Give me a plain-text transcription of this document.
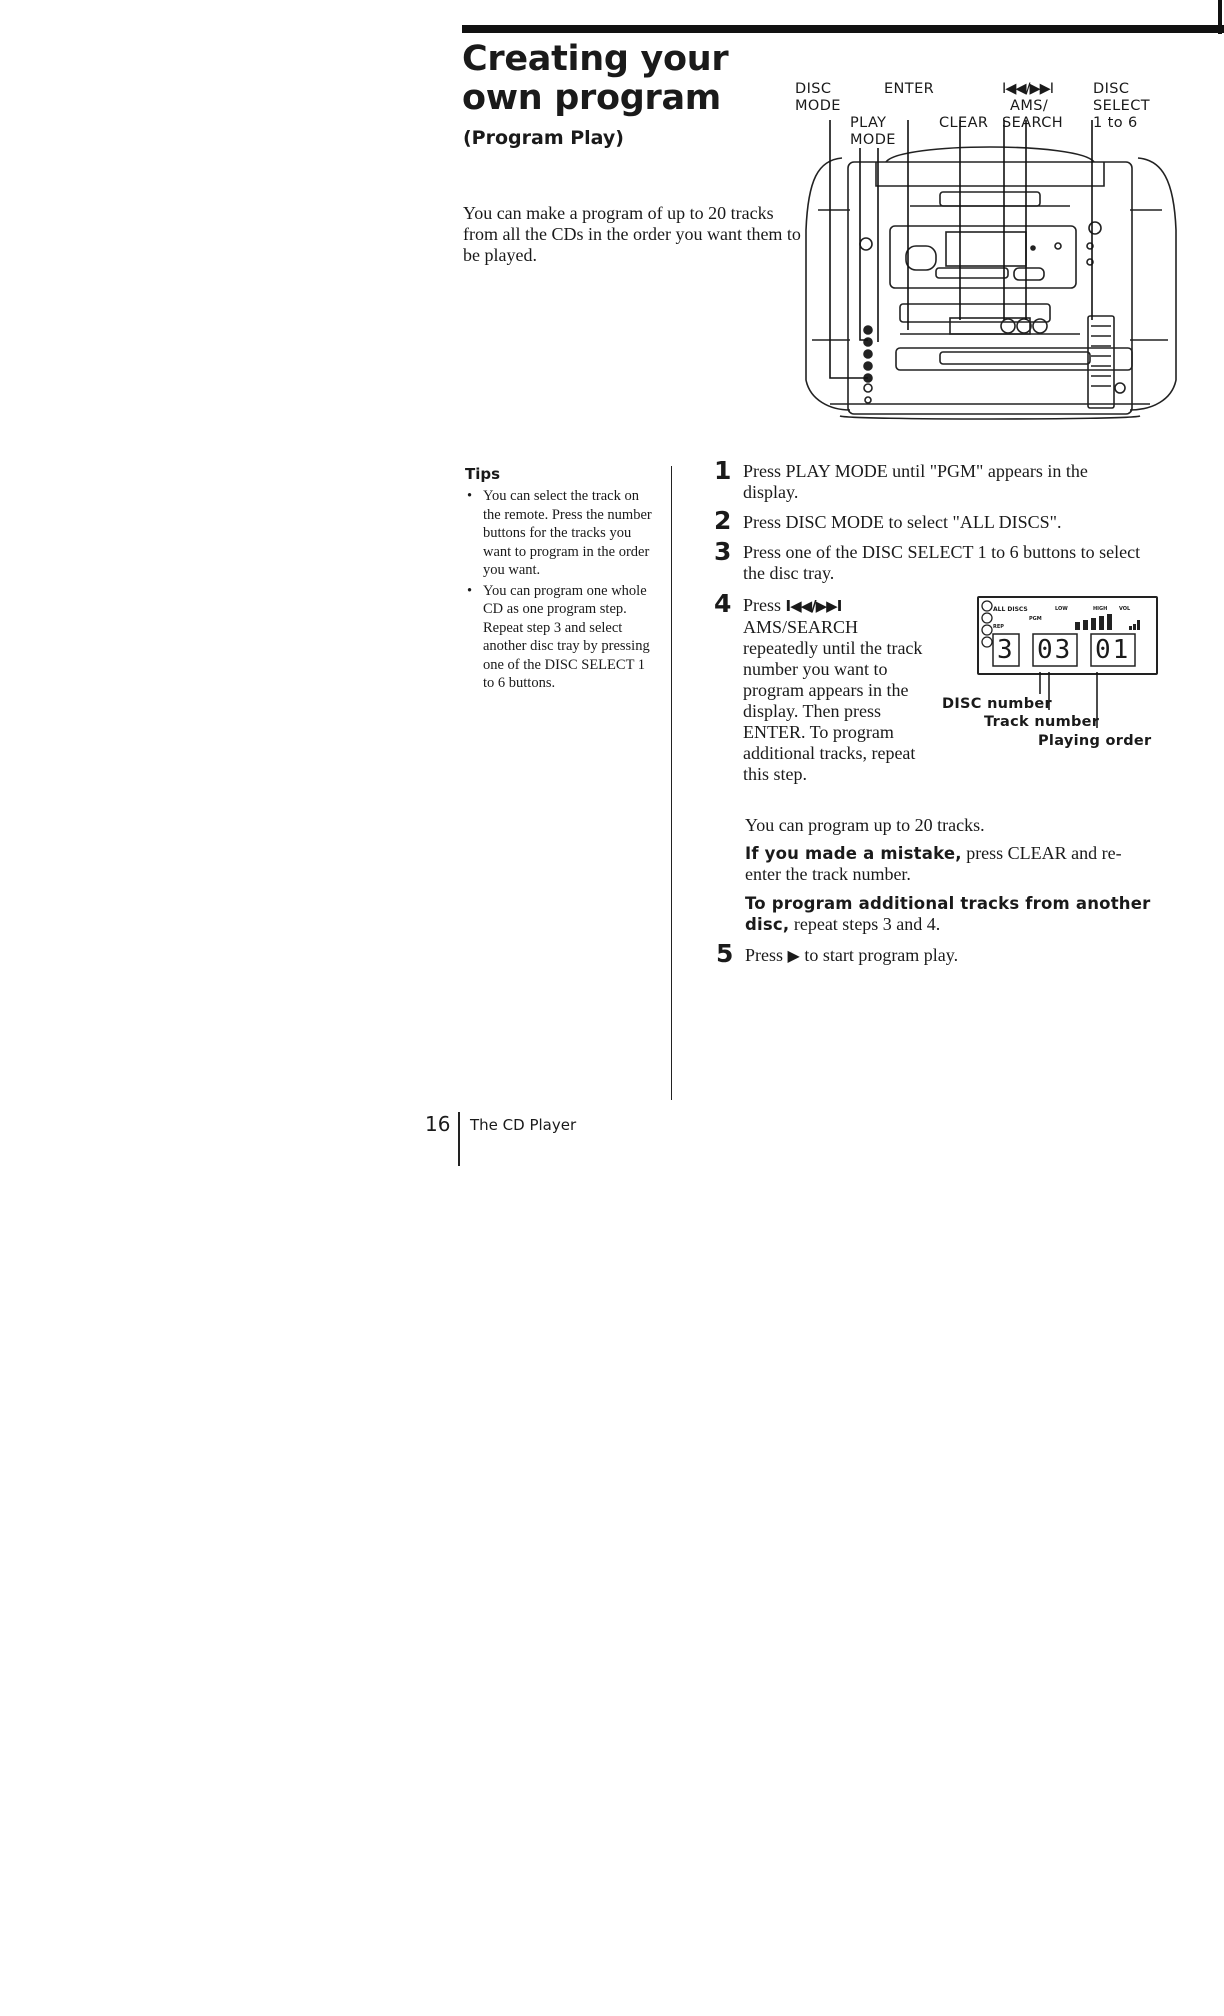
Creating your
own program
(Program Play)
You can make a program of up to 20 tracks from all the CDs in the order you want them to be played.
DISC
MODE
ENTER
PLAY
MODE
CLEAR
I◀◀/▶▶I
AMS/
SEARCH
DISC
SELECT
1 to 6
Tips
• You can select the track on the remote. Press the number buttons for the tracks you want to program in the order you want.
• You can program one whole CD as one program step.
Repeat step 3 and select another disc tray by pressing one of the DISC SELECT 1 to 6 buttons.
1 Press PLAY MODE until "PGM" appears in the display.
2 Press DISC MODE to select "ALL DISCS".
3 Press one of the DISC SELECT 1 to 6 buttons to select the disc tray.
4 Press I◀◀/▶▶I
AMS/SEARCH repeatedly until the track number you want to program appears in the display. Then press ENTER. To program additional tracks, repeat this step.
ALL DISCS
PGM
LOW	HIGH VOL
REP
3 03 01
DISC number
Track number
Playing order
You can program up to 20 tracks.
If you made a mistake, press CLEAR and re-enter the track number.
To program additional tracks from another disc, repeat steps 3 and 4.
5 Press ▶ to start program play.
16 The CD Player
